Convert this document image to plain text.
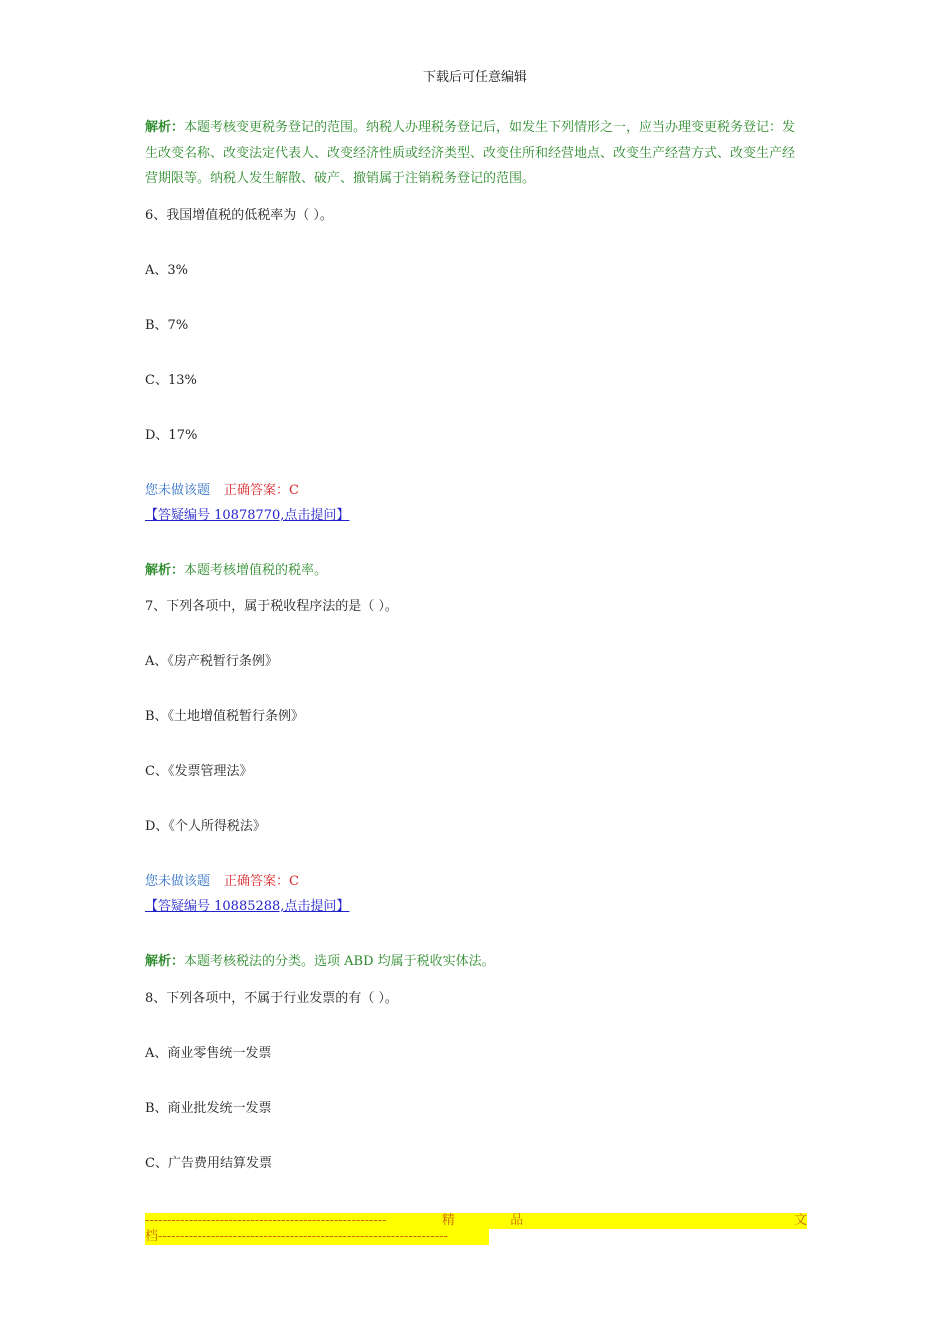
下载后可任意编辑
解析：本题考核变更税务登记的范围。纳税人办理税务登记后，如发生下列情形之一，应当办理变更税务登记：发生改变名称、改变法定代表人、改变经济性质或经济类型、改变住所和经营地点、改变生产经营方式、改变生产经营期限等。纳税人发生解散、破产、撤销属于注销税务登记的范围。
6、我国增值税的低税率为（ ）。
A、3%
B、7%
C、13%
D、17%
您未做该题 正确答案：C
【答疑编号 10878770,点击提问】
解析：本题考核增值税的税率。
7、下列各项中，属于税收程序法的是（ ）。
A、《房产税暂行条例》
B、《土地增值税暂行条例》
C、《发票管理法》
D、《个人所得税法》
您未做该题 正确答案：C
【答疑编号 10885288,点击提问】
解析：本题考核税法的分类。选项 ABD 均属于税收实体法。
8、下列各项中，不属于行业发票的有（ ）。
A、商业零售统一发票
B、商业批发统一发票
C、广告费用结算发票
-------------------------------------------------------	精	品	文
档------------------------------------------------------------------
